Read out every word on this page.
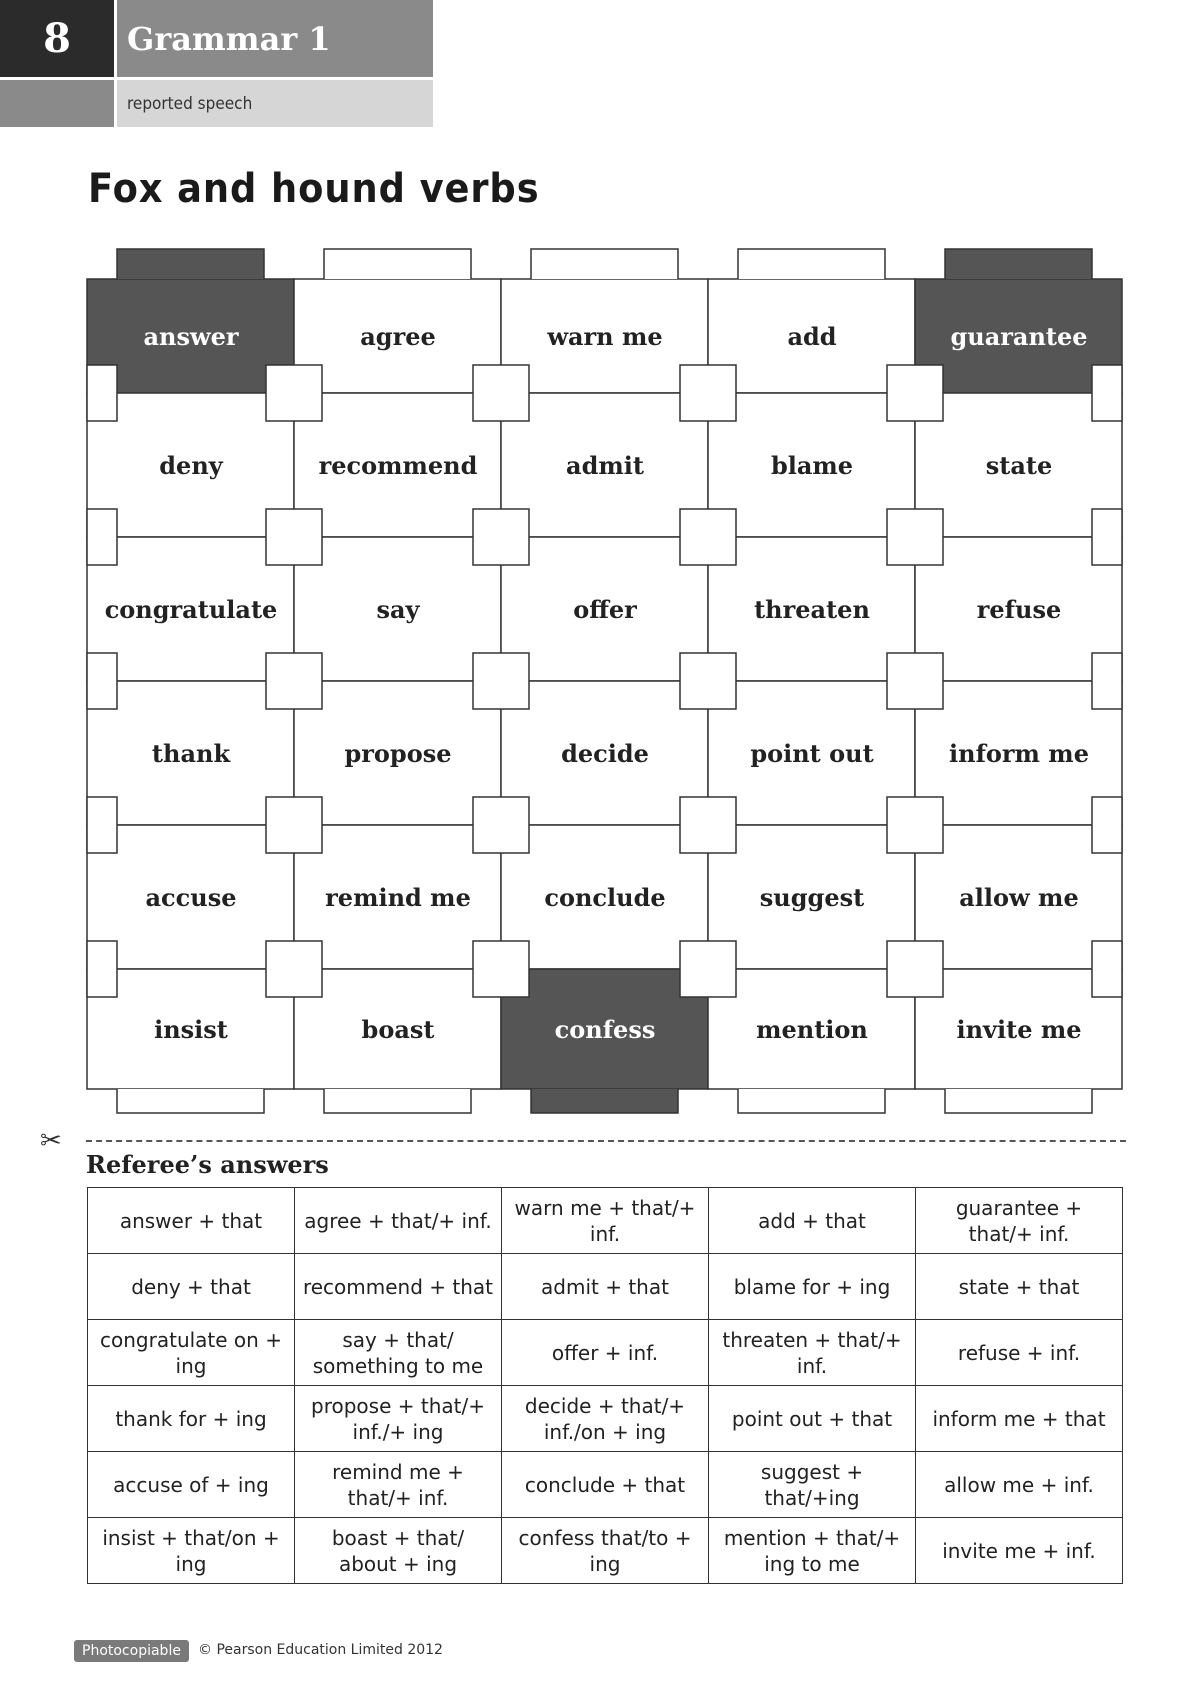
8	Grammar 1
reported speech
Fox and hound verbs
answer	agree	warn me	add	guarantee
deny	recommend	admit	blame	state
congratulate	say	offer	threaten	refuse
thank	propose	decide	point out	inform me
accuse	remind me	conclude	suggest	allow me
insist	boast	confess	mention	invite me
✂
Referee’s answers
answer + that	agree + that/+ inf.	warn me + that/+ inf.	add + that	guarantee + that/+ inf.
deny + that	recommend + that	admit + that	blame for + ing	state + that
congratulate on + ing	say + that/ something to me	offer + inf.	threaten + that/+ inf.	refuse + inf.
thank for + ing	propose + that/+ inf./+ ing	decide + that/+ inf./on + ing	point out + that	inform me + that
accuse of + ing	remind me + that/+ inf.	conclude + that	suggest + that/+ing	allow me + inf.
insist + that/on + ing	boast + that/ about + ing	confess that/to + ing	mention + that/+ ing to me	invite me + inf.
Photocopiable	© Pearson Education Limited 2012
